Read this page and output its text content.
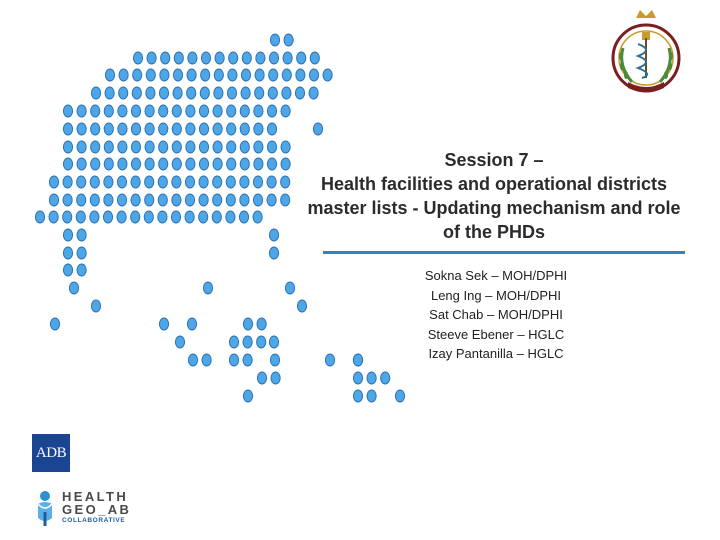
Session 7 –
Health facilities and operational districts
master lists - Updating mechanism and role
of the PHDs
Sokna Sek – MOH/DPHI
Leng Ing – MOH/DPHI
Sat Chab – MOH/DPHI
Steeve Ebener – HGLC
Izay Pantanilla – HGLC
ADB
HEALTH
GEO_AB
COLLABORATIVE
